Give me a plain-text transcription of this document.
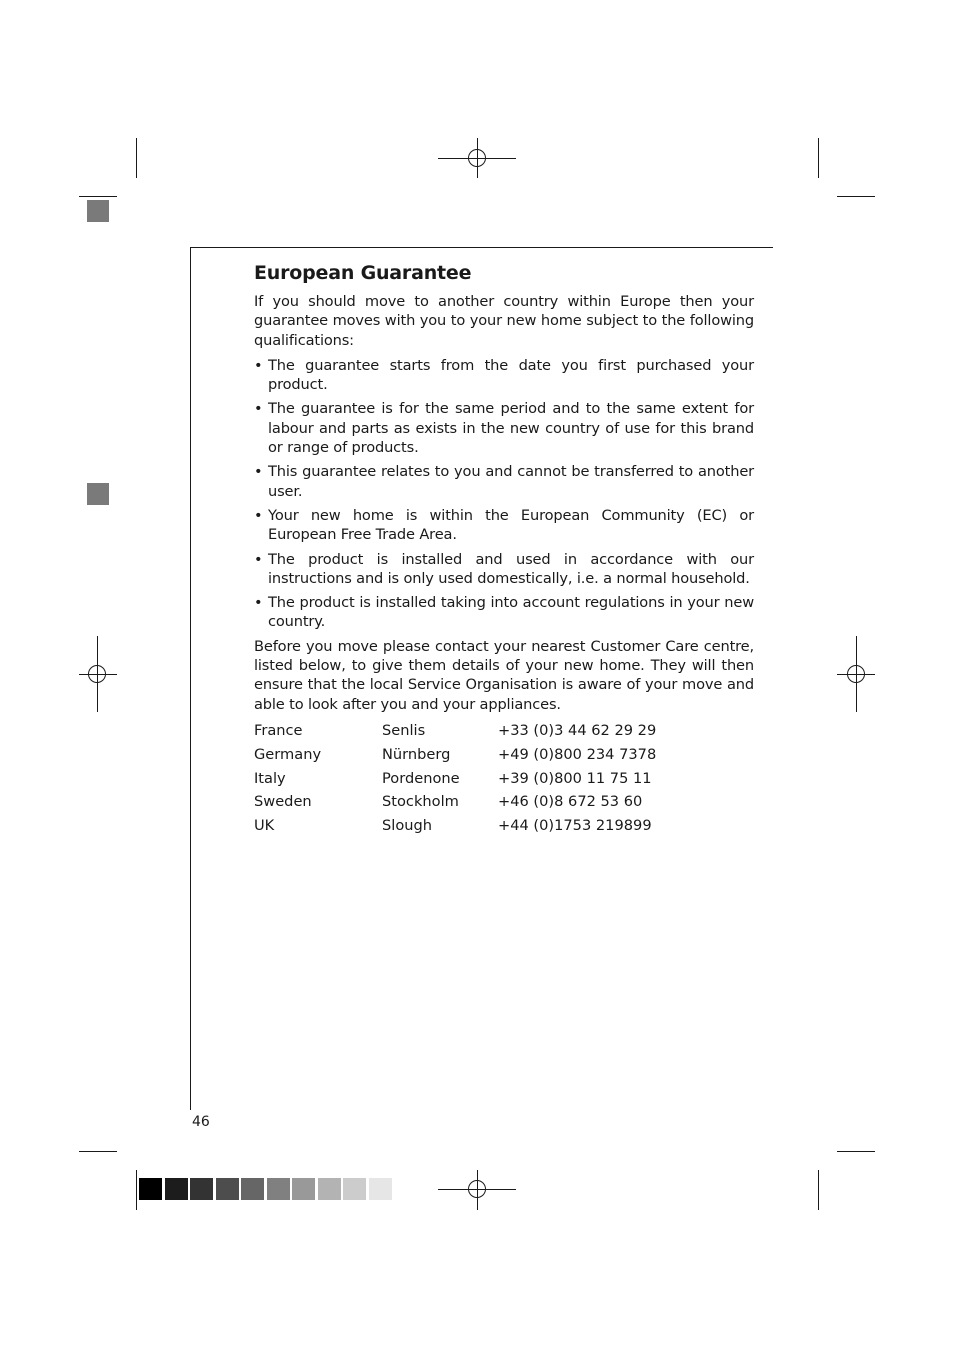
European Guarantee

If you should move to another country within Europe then your guarantee moves with you to your new home subject to the following qualifications:

• The guarantee starts from the date you first purchased your product.
• The guarantee is for the same period and to the same extent for labour and parts as exists in the new country of use for this brand or range of products.
• This guarantee relates to you and cannot be transferred to another user.
• Your new home is within the European Community (EC) or European Free Trade Area.
• The product is installed and used in accordance with our instructions and is only used domestically, i.e. a normal household.
• The product is installed taking into account regulations in your new country.

Before you move please contact your nearest Customer Care centre, listed below, to give them details of your new home. They will then ensure that the local Service Organisation is aware of your move and able to look after you and your appliances.

France	Senlis	+33 (0)3 44 62 29 29
Germany	Nürnberg	+49 (0)800 234 7378
Italy	Pordenone	+39 (0)800 11 75 11
Sweden	Stockholm	+46 (0)8 672 53 60
UK	Slough	+44 (0)1753 219899
46
